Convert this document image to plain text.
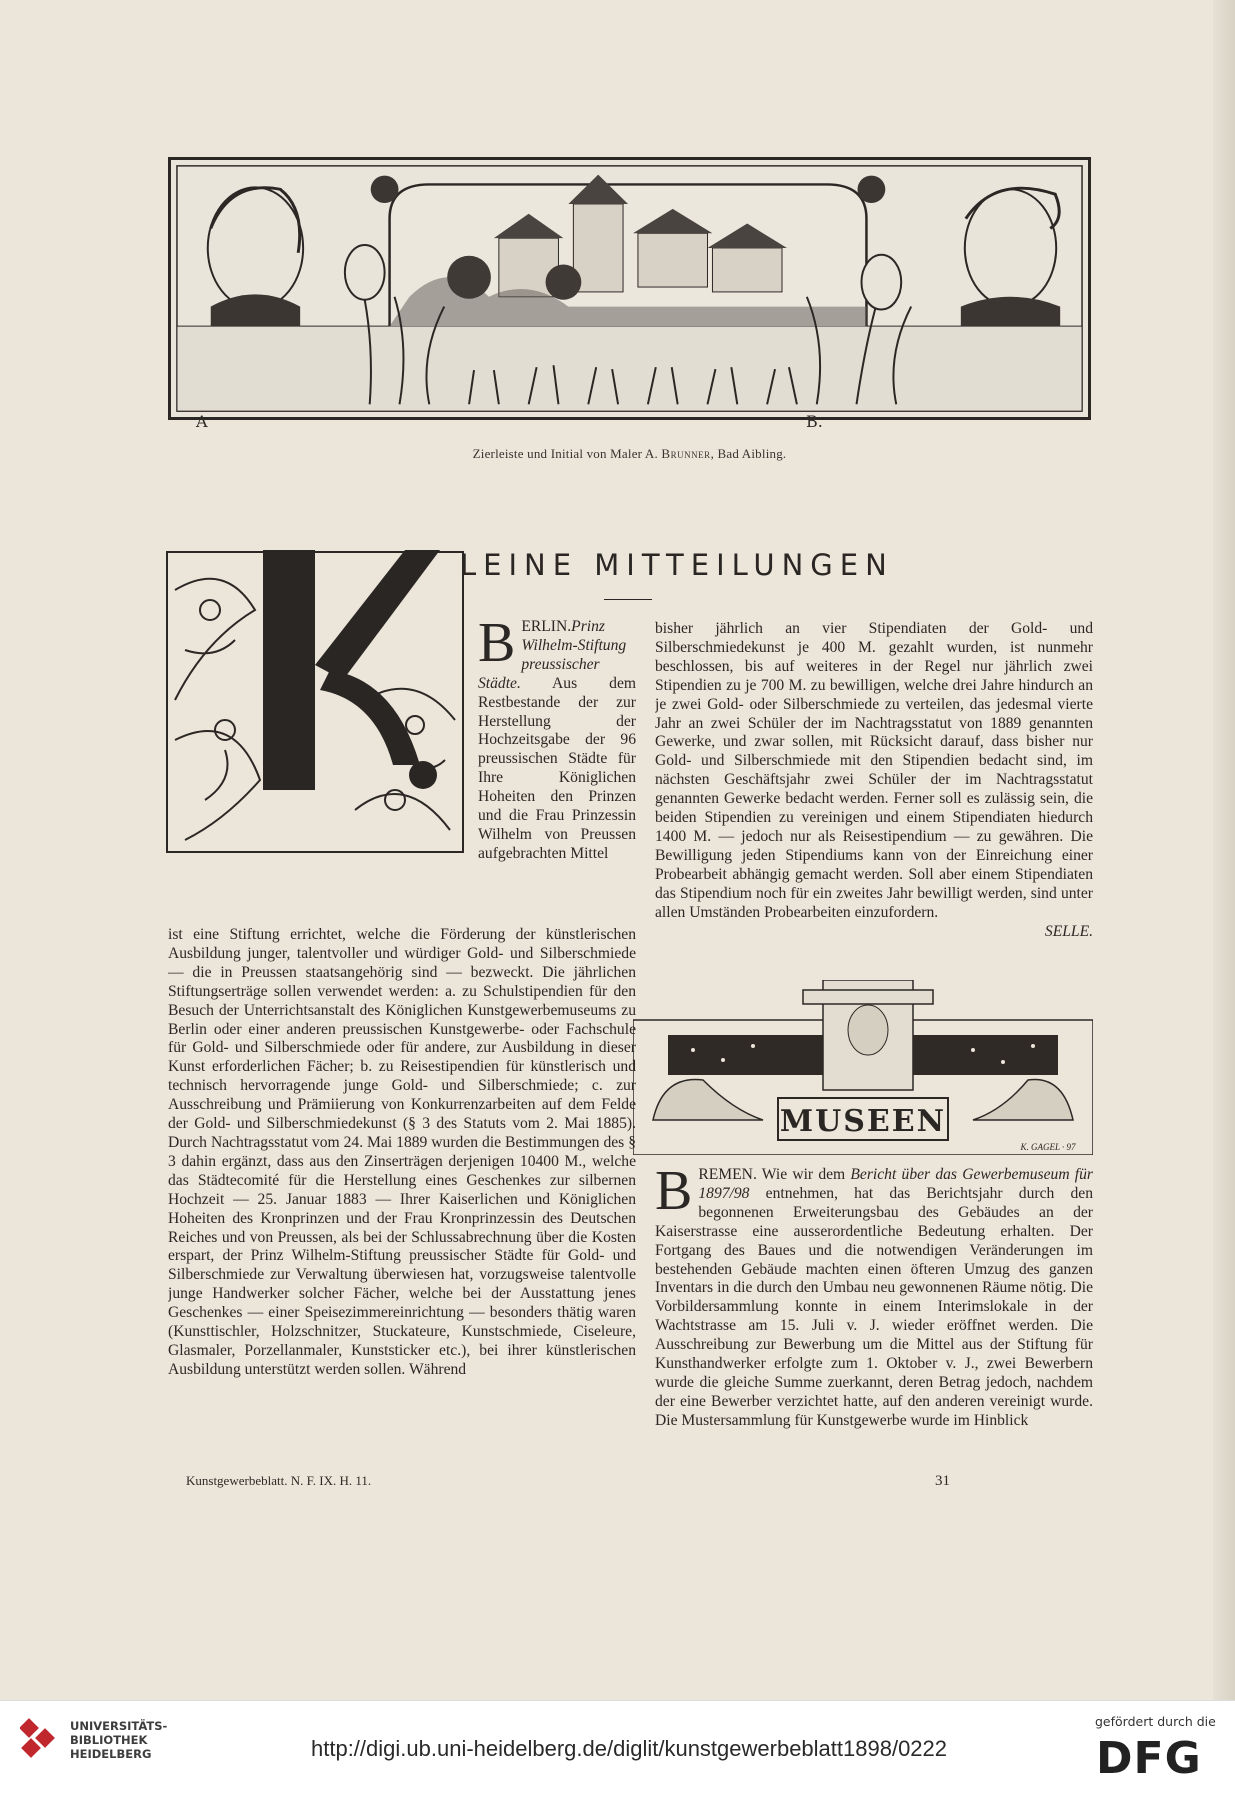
A	B.
Zierleiste und Initial von Maler A. Brunner, Bad Aibling.
LEINE MITTEILUNGEN

BERLIN.Prinz Wilhelm-Stiftung preussischer Städte. Aus dem Restbestande der zur Herstellung der Hochzeitsgabe der 96 preussischen Städte für Ihre Königlichen Hoheiten den Prinzen und die Frau Prinzessin Wilhelm von Preussen aufgebrachten Mittel

ist eine Stiftung errichtet, welche die Förderung der künstlerischen Ausbildung junger, talentvoller und würdiger Gold- und Silberschmiede — die in Preussen staatsangehörig sind — bezweckt. Die jährlichen Stiftungserträge sollen verwendet werden: a. zu Schulstipendien für den Besuch der Unterrichtsanstalt des Königlichen Kunstgewerbemuseums zu Berlin oder einer anderen preussischen Kunstgewerbe- oder Fachschule für Gold- und Silberschmiede oder für andere, zur Ausbildung in dieser Kunst erforderlichen Fächer; b. zu Reisestipendien für künstlerisch und technisch hervorragende junge Gold- und Silberschmiede; c. zur Ausschreibung und Prämiierung von Konkurrenzarbeiten auf dem Felde der Gold- und Silberschmiedekunst (§ 3 des Statuts vom 2. Mai 1885). Durch Nachtragsstatut vom 24. Mai 1889 wurden die Bestimmungen des § 3 dahin ergänzt, dass aus den Zinserträgen derjenigen 10400 M., welche das Städtecomité für die Herstellung eines Geschenkes zur silbernen Hochzeit — 25. Januar 1883 — Ihrer Kaiserlichen und Königlichen Hoheiten des Kronprinzen und der Frau Kronprinzessin des Deutschen Reiches und von Preussen, als bei der Schlussabrechnung über die Kosten erspart, der Prinz Wilhelm-Stiftung preussischer Städte für Gold- und Silberschmiede zur Verwaltung überwiesen hat, vorzugsweise talentvolle junge Handwerker solcher Fächer, welche bei der Ausstattung jenes Geschenkes — einer Speisezimmereinrichtung — besonders thätig waren (Kunsttischler, Holzschnitzer, Stuckateure, Kunstschmiede, Ciseleure, Glasmaler, Porzellanmaler, Kunststicker etc.), bei ihrer künstlerischen Ausbildung unterstützt werden sollen. Während

bisher jährlich an vier Stipendiaten der Gold- und Silberschmiedekunst je 400 M. gezahlt wurden, ist nunmehr beschlossen, bis auf weiteres in der Regel nur jährlich zwei Stipendien zu je 700 M. zu bewilligen, welche drei Jahre hindurch an je zwei Gold- oder Silberschmiede zu verteilen, das jedesmal vierte Jahr an zwei Schüler der im Nachtragsstatut von 1889 genannten Gewerke, und zwar sollen, mit Rücksicht darauf, dass bisher nur Gold- und Silberschmiede mit den Stipendien bedacht sind, im nächsten Geschäftsjahr zwei Schüler der im Nachtragsstatut genannten Gewerke bedacht werden. Ferner soll es zulässig sein, die beiden Stipendien zu vereinigen und einem Stipendiaten hiedurch 1400 M. — jedoch nur als Reisestipendium — zu gewähren. Die Bewilligung jeden Stipendiums kann von der Einreichung einer Probearbeit abhängig gemacht werden. Soll aber einem Stipendiaten das Stipendium noch für ein zweites Jahr bewilligt werden, sind unter allen Umständen Probearbeiten einzufordern.

SELLE.
MUSEEN
K. GAGEL · 97

BREMEN. Wie wir dem Bericht über das Gewerbemuseum für 1897/98 entnehmen, hat das Berichtsjahr durch den begonnenen Erweiterungsbau des Gebäudes an der Kaiserstrasse eine ausserordentliche Bedeutung erhalten. Der Fortgang des Baues und die notwendigen Veränderungen im bestehenden Gebäude machten einen öfteren Umzug des ganzen Inventars in die durch den Umbau neu gewonnenen Räume nötig. Die Vorbildersammlung konnte in einem Interimslokale in der Wachtstrasse am 15. Juli v. J. wieder eröffnet werden. Die Ausschreibung zur Bewerbung um die Mittel aus der Stiftung für Kunsthandwerker erfolgte zum 1. Oktober v. J., zwei Bewerbern wurde die gleiche Summe zuerkannt, deren Betrag jedoch, nachdem der eine Bewerber verzichtet hatte, auf den anderen vereinigt wurde. Die Mustersammlung für Kunstgewerbe wurde im Hinblick

Kunstgewerbeblatt. N. F. IX. H. 11.	31
UNIVERSITÄTS-
BIBLIOTHEK
HEIDELBERG	http://digi.ub.uni-heidelberg.de/diglit/kunstgewerbeblatt1898/0222
gefördert durch die
DFG
